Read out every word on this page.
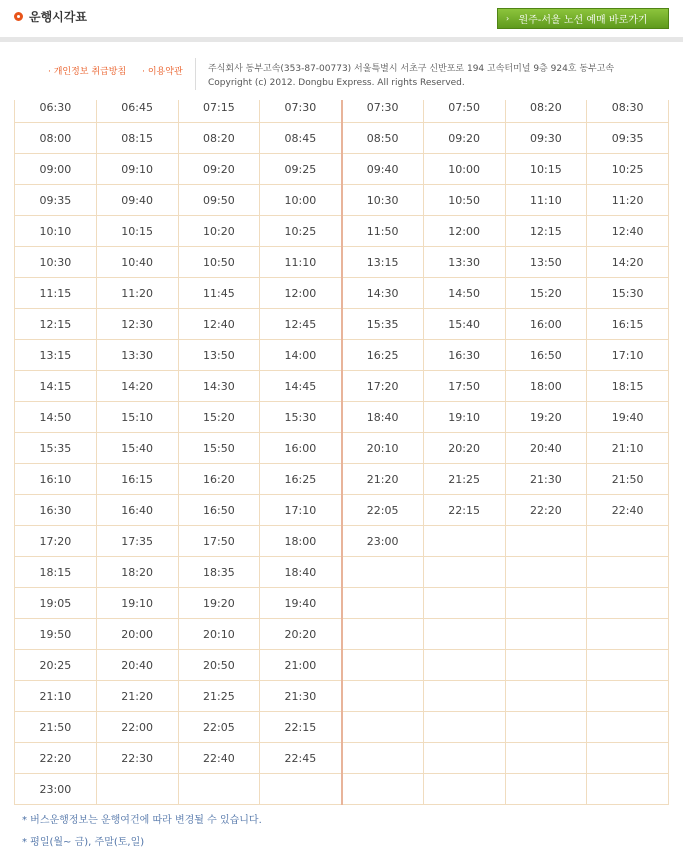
운행시각표	› 원주-서울 노선 예매 바로가기
· 개인정보 취급방침 · 이용약관	주식회사 동부고속(353-87-00773) 서울특별시 서초구 신반포로 194 고속터미널 9층 924호 동부고속
Copyright (c) 2012. Dongbu Express. All rights Reserved.
06:30	06:45	07:15	07:30	07:30	07:50	08:20	08:30
08:00	08:15	08:20	08:45	08:50	09:20	09:30	09:35
09:00	09:10	09:20	09:25	09:40	10:00	10:15	10:25
09:35	09:40	09:50	10:00	10:30	10:50	11:10	11:20
10:10	10:15	10:20	10:25	11:50	12:00	12:15	12:40
10:30	10:40	10:50	11:10	13:15	13:30	13:50	14:20
11:15	11:20	11:45	12:00	14:30	14:50	15:20	15:30
12:15	12:30	12:40	12:45	15:35	15:40	16:00	16:15
13:15	13:30	13:50	14:00	16:25	16:30	16:50	17:10
14:15	14:20	14:30	14:45	17:20	17:50	18:00	18:15
14:50	15:10	15:20	15:30	18:40	19:10	19:20	19:40
15:35	15:40	15:50	16:00	20:10	20:20	20:40	21:10
16:10	16:15	16:20	16:25	21:20	21:25	21:30	21:50
16:30	16:40	16:50	17:10	22:05	22:15	22:20	22:40
17:20	17:35	17:50	18:00	23:00			
18:15	18:20	18:35	18:40				
19:05	19:10	19:20	19:40				
19:50	20:00	20:10	20:20				
20:25	20:40	20:50	21:00				
21:10	21:20	21:25	21:30				
21:50	22:00	22:05	22:15				
22:20	22:30	22:40	22:45				
23:00							
* 버스운행정보는 운행여건에 따라 변경될 수 있습니다.
* 평일(월~ 금), 주말(토,일)
